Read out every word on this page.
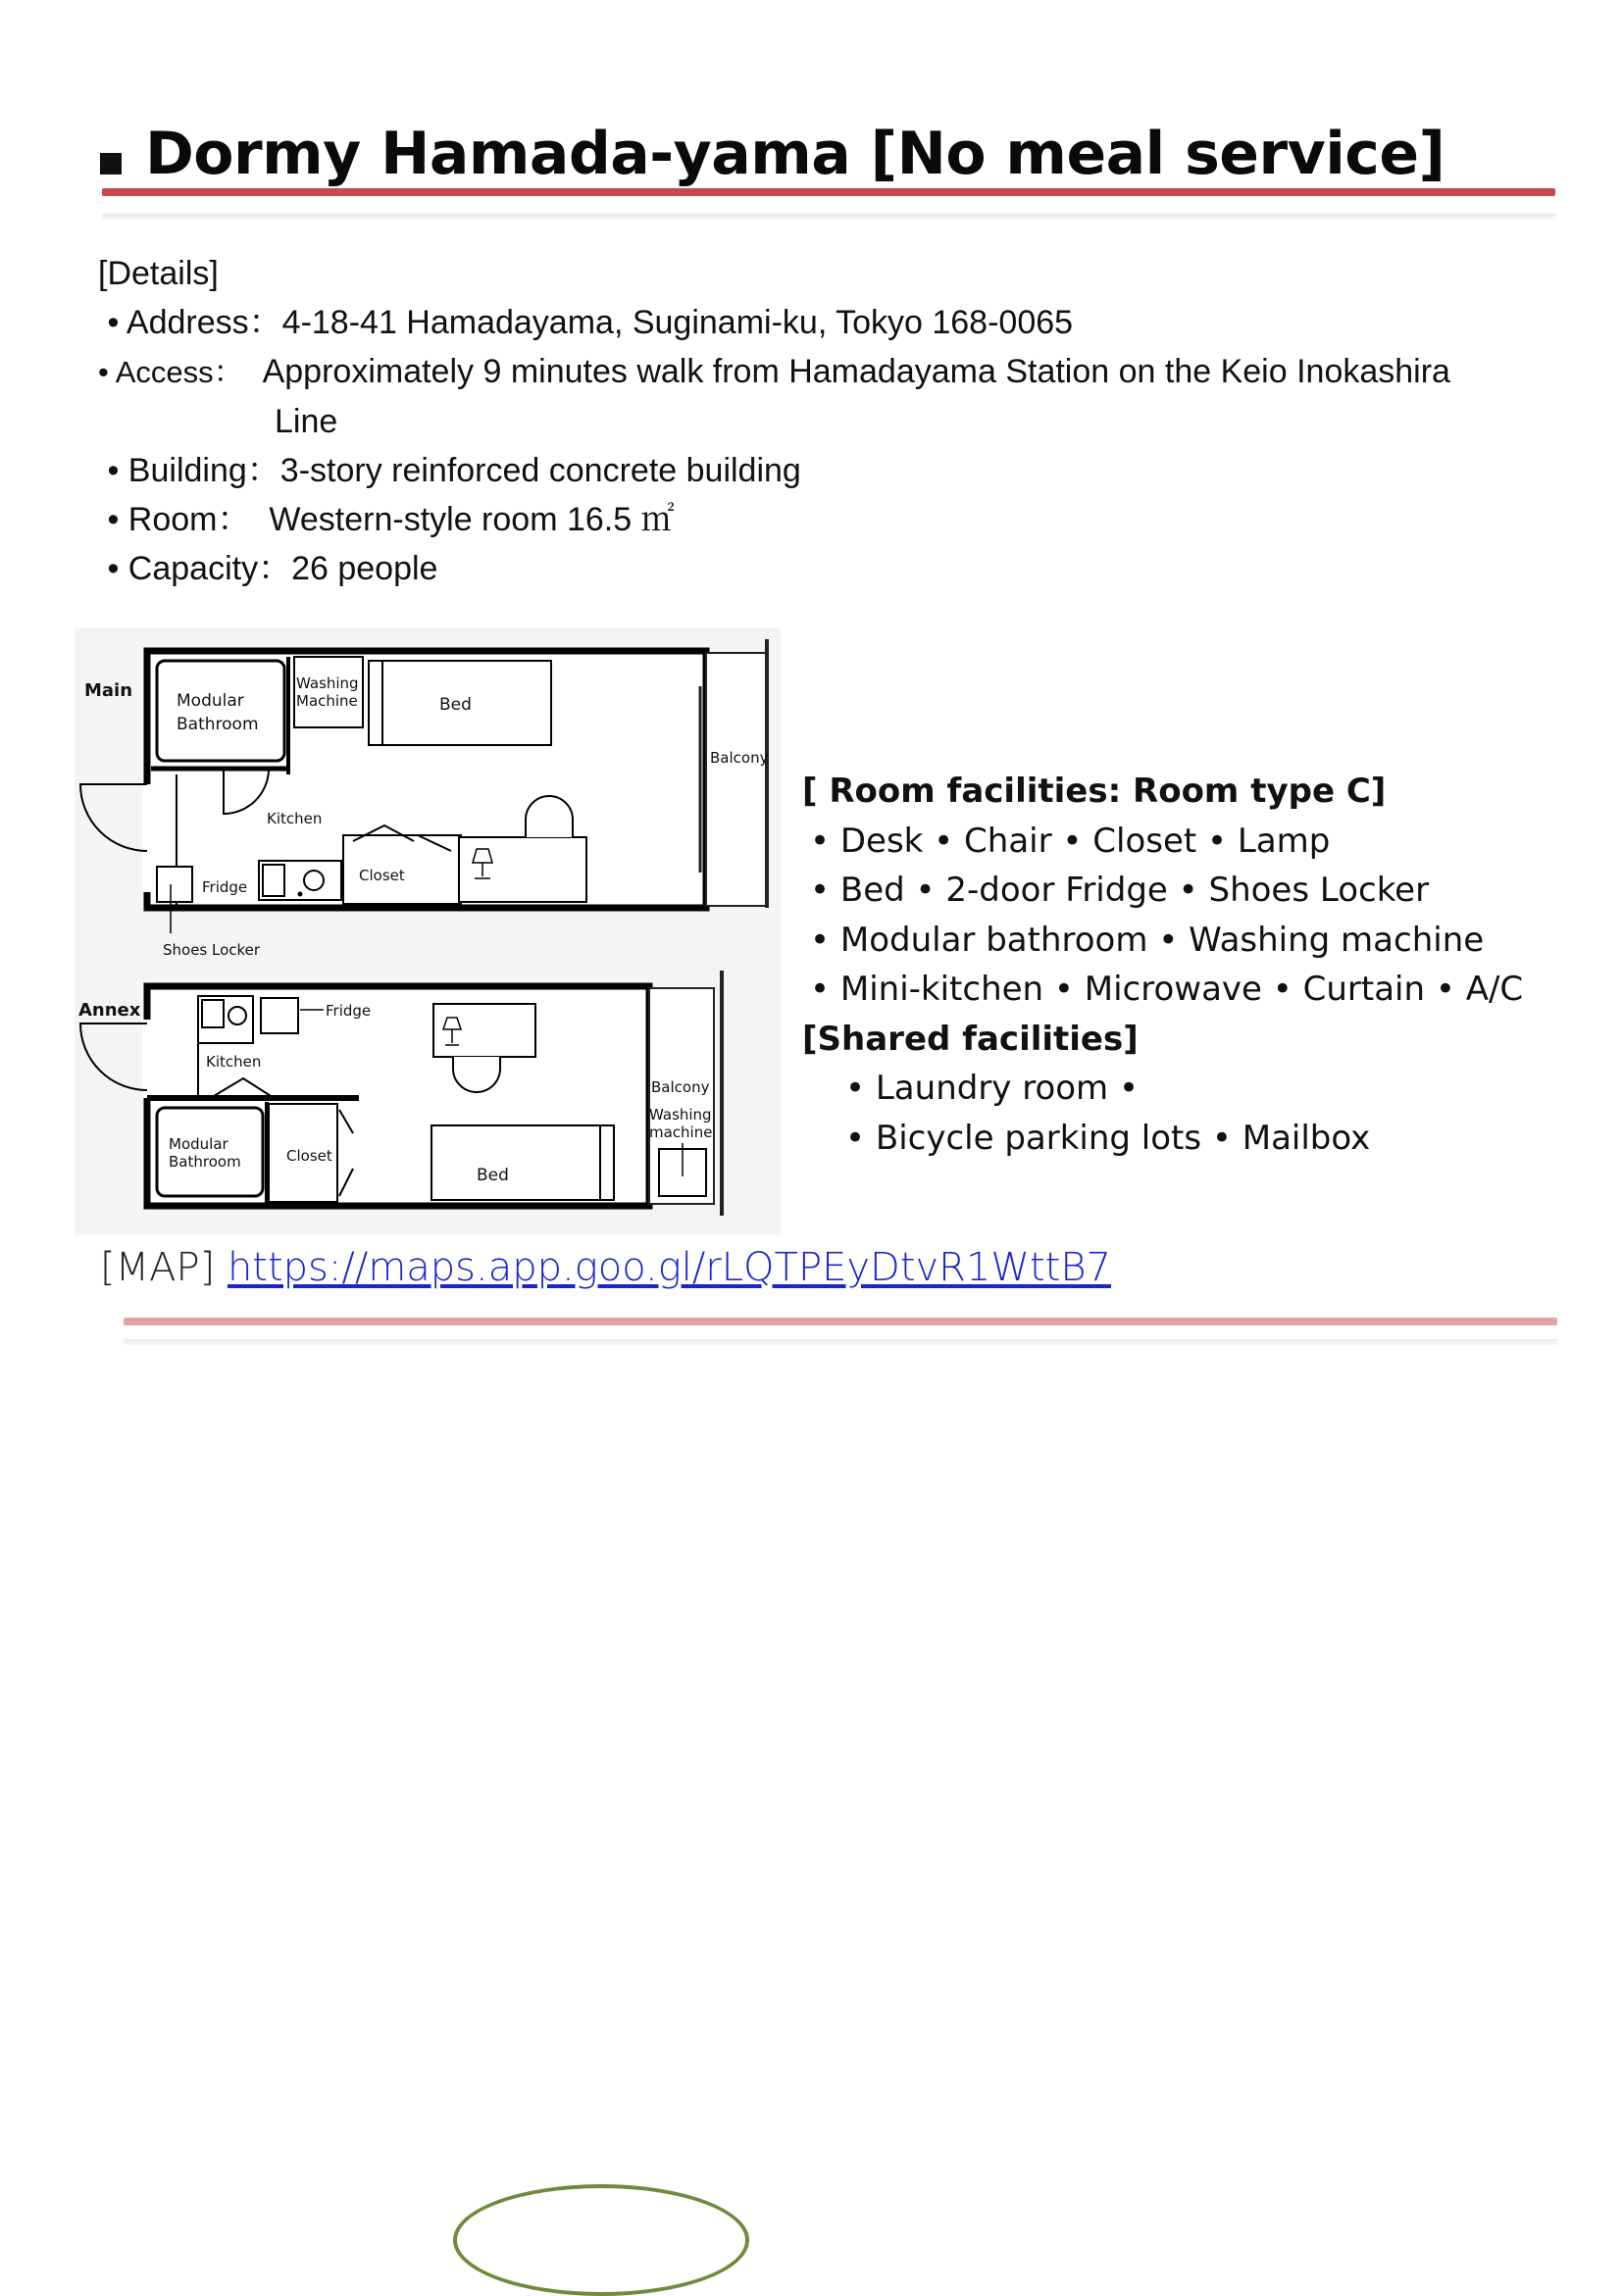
Dormy Hamada-yama [No meal service]
[Details]
• Address：4-18-41 Hamadayama, Suginami-ku, Tokyo 168-0065
• Access： Approximately 9 minutes walk from Hamadayama Station on the Keio Inokashira
Line
• Building：3-story reinforced concrete building
• Room： Western-style room 16.5 ㎡
• Capacity：26 people
Main
Balcony
Modular
Bathroom
Washing
Machine	Bed
Shoes Locker
Kitchen
Fridge
Closet
Annex
Balcony
Washing
machine
Kitchen
Fridge
Modular
Bathroom	Closet
Bed
[ Room facilities: Room type C]
• Desk • Chair • Closet • Lamp
• Bed • 2-door Fridge • Shoes Locker
• Modular bathroom • Washing machine
• Mini-kitchen • Microwave • Curtain • A/C
[Shared facilities]
• Laundry room •
• Bicycle parking lots • Mailbox
[MAP] https://maps.app.goo.gl/rLQTPEyDtvR1WttB7
